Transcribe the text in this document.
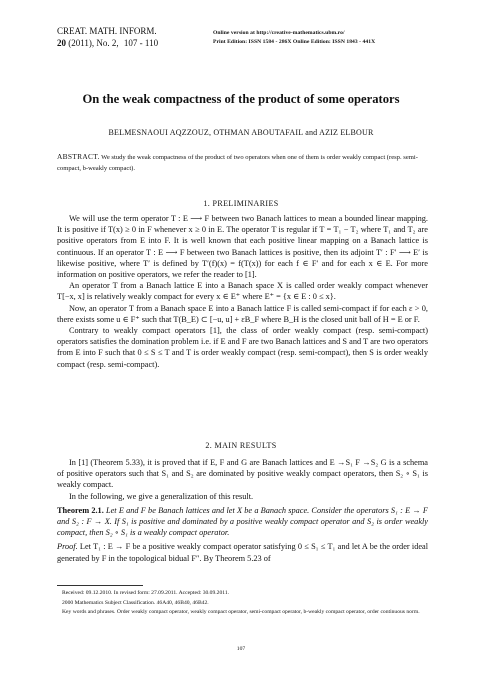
CREAT. MATH. INFORM.
20 (2011), No. 2, 107 - 110
Online version at http://creative-mathematics.ubm.ro/
Print Edition: ISSN 1584 - 286X Online Edition: ISSN 1843 - 441X
On the weak compactness of the product of some operators
BELMESNAOUI AQZZOUZ, OTHMAN ABOUTAFAIL and AZIZ ELBOUR
ABSTRACT. We study the weak compactness of the product of two operators when one of them is order weakly compact (resp. semi-compact, b-weakly compact).
1. PRELIMINARIES

We will use the term operator T : E ⟶ F between two Banach lattices to mean a bounded linear mapping. It is positive if T(x) ≥ 0 in F whenever x ≥ 0 in E. The operator T is regular if T = T₁ − T₂ where T₁ and T₂ are positive operators from E into F. It is well known that each positive linear mapping on a Banach lattice is continuous. If an operator T : E ⟶ F between two Banach lattices is positive, then its adjoint T′ : F′ ⟶ E′ is likewise positive, where T′ is defined by T′(f)(x) = f(T(x)) for each f ∈ F′ and for each x ∈ E. For more information on positive operators, we refer the reader to [1].

An operator T from a Banach lattice E into a Banach space X is called order weakly compact whenever T[−x, x] is relatively weakly compact for every x ∈ E⁺ where E⁺ = {x ∈ E : 0 ≤ x}.

Now, an operator T from a Banach space E into a Banach lattice F is called semi-compact if for each ε > 0, there exists some u ∈ F⁺ such that T(B_E) ⊂ [−u, u] + εB_F where B_H is the closed unit ball of H = E or F.

Contrary to weakly compact operators [1], the class of order weakly compact (resp. semi-compact) operators satisfies the domination problem i.e. if E and F are two Banach lattices and S and T are two operators from E into F such that 0 ≤ S ≤ T and T is order weakly compact (resp. semi-compact), then S is order weakly compact (resp. semi-compact).

2. MAIN RESULTS

In [1] (Theorem 5.33), it is proved that if E, F and G are Banach lattices and E →S₁ F →S₂ G is a schema of positive operators such that S₁ and S₂ are dominated by positive weakly compact operators, then S₂ ∘ S₁ is weakly compact.

In the following, we give a generalization of this result.

Theorem 2.1. Let E and F be Banach lattices and let X be a Banach space. Consider the operators S₁ : E → F and S₂ : F → X. If S₁ is positive and dominated by a positive weakly compact operator and S₂ is order weakly compact, then S₂ ∘ S₁ is a weakly compact operator.

Proof. Let T₁ : E → F be a positive weakly compact operator satisfying 0 ≤ S₁ ≤ T₁ and let A be the order ideal generated by F in the topological bidual F″. By Theorem 5.23 of

Received: 09.12.2010. In revised form: 27.09.2011. Accepted: 30.09.2011.
2000 Mathematics Subject Classification. 46A40, 46B40, 46B42.
Key words and phrases. Order weakly compact operator, weakly compact operator, semi-compact operator, b-weakly compact operator, order continuous norm.
107
